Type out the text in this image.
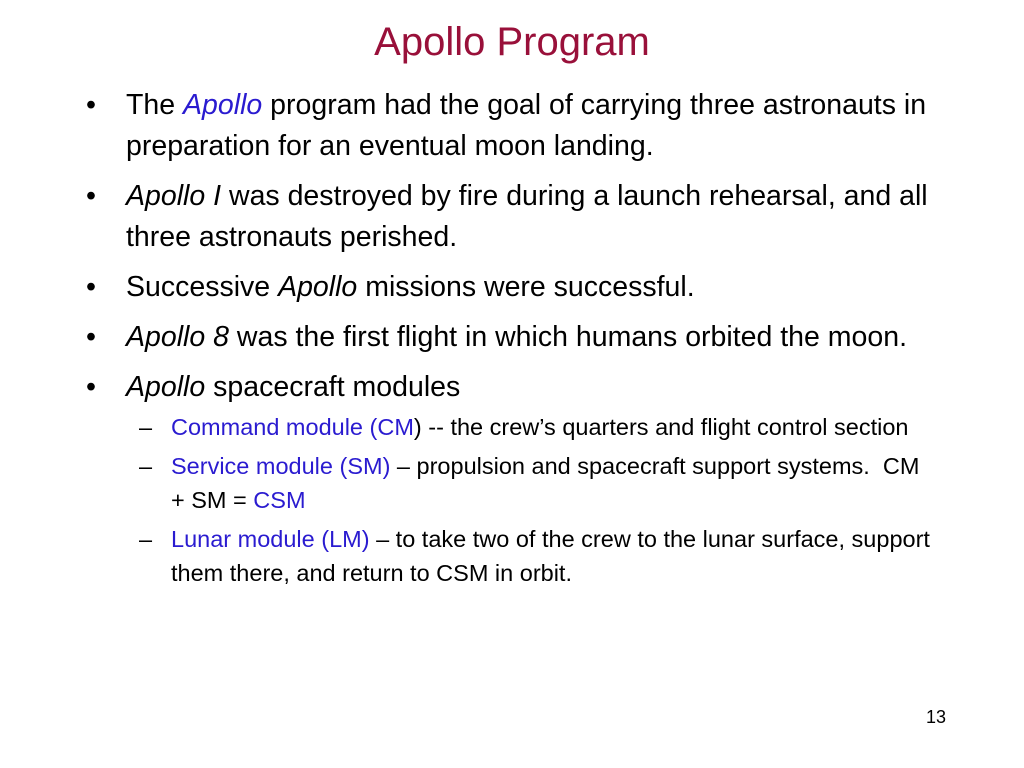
Apollo Program
• The Apollo program had the goal of carrying three astronauts in preparation for an eventual moon landing.
• Apollo I was destroyed by fire during a launch rehearsal, and all three astronauts perished.
• Successive Apollo missions were successful.
• Apollo 8 was the first flight in which humans orbited the moon.
• Apollo spacecraft modules
– Command module (CM) -- the crew’s quarters and flight control section
– Service module (SM) – propulsion and spacecraft support systems.  CM + SM = CSM
– Lunar module (LM) – to take two of the crew to the lunar surface, support them there, and return to CSM in orbit.
13
